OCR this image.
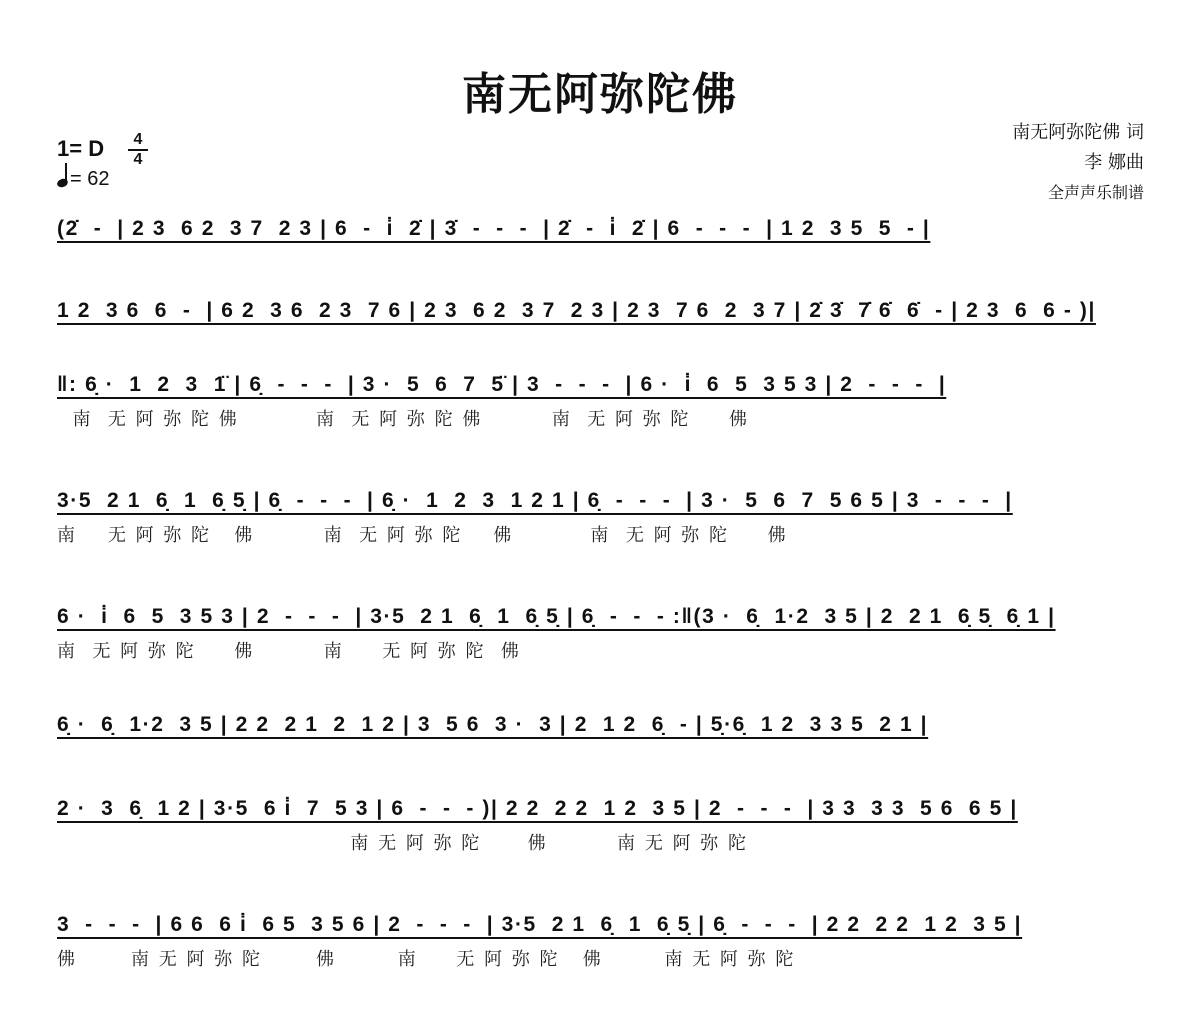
南无阿弥陀佛
1= D	4
4
= 62
南无阿弥陀佛 词
李 娜曲
全声声乐制谱
(2̇  -  | 2 3  6 2  3 7  2 3 | 6  -  i̇  2̇ | 3̇  -  -  -  | 2̇  -  i̇  2̇ | 6  -  -  -  | 1 2  3 5  5  - |
1 2  3 6  6  -  | 6 2  3 6  2 3  7 6 | 2 3  6 2  3 7  2 3 | 2 3  7 6  2  3 7 | 2̇ 3̇  7̇ 6̇  6̇  - | 2 3  6  6 - )|
‖: 6̣ ·  1  2  3  1̈ | 6̣  -  -  -  | 3 ·  5  6  7  5̈ | 3  -  -  -  | 6 ·  i̇  6  5  3 5 3 | 2  -  -  -  |
南  无 阿 弥 陀 佛          南  无 阿 弥 陀 佛         南  无 阿 弥 陀     佛
3·5  2 1  6̣  1  6̣ 5̣ | 6̣  -  -  -  | 6̣ ·  1  2  3  1 2 1 | 6̣  -  -  -  | 3 ·  5  6  7  5 6 5 | 3  -  -  -  |
南    无 阿 弥 陀   佛         南  无 阿 弥 陀    佛          南  无 阿 弥 陀     佛
6 ·  i̇  6  5  3 5 3 | 2  -  -  -  | 3·5  2 1  6̣  1  6̣ 5̣ | 6̣  -  -  - :‖(3 ·  6̣  1·2  3 5 | 2  2 1  6̣ 5̣  6̣ 1 |
南  无 阿 弥 陀     佛         南     无 阿 弥 陀  佛
6̣ ·  6̣  1·2  3 5 | 2 2  2 1  2  1 2 | 3  5 6  3 ·  3 | 2  1 2  6̣  - | 5̣·6̣  1 2  3 3 5  2 1 |
2 ·  3  6̣  1 2 | 3·5  6 i̇  7  5 3 | 6  -  -  - )| 2 2  2 2  1 2  3 5 | 2  -  -  -  | 3 3  3 3  5 6  6 5 |
南 无 阿 弥 陀      佛         南 无 阿 弥 陀
3  -  -  -  | 6 6  6 i̇  6 5  3 5 6 | 2  -  -  -  | 3·5  2 1  6̣  1  6̣ 5̣ | 6̣  -  -  -  | 2 2  2 2  1 2  3 5 |
佛       南 无 阿 弥 陀       佛        南     无 阿 弥 陀   佛        南 无 阿 弥 陀
